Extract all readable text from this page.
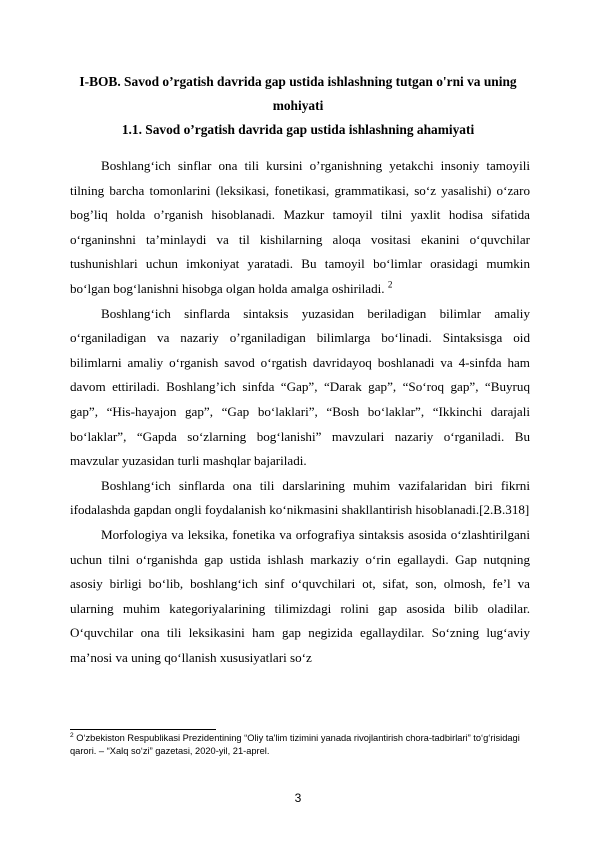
I-BOB. Savod o’rgatish davrida gap ustida ishlashning tutgan o'rni va uning mohiyati
1.1. Savod o’rgatish davrida gap ustida ishlashning ahamiyati

Boshlang‘ich sinflar ona tili kursini o’rganishning yetakchi insoniy tamoyili tilning barcha tomonlarini (leksikasi, fonetikasi, grammatikasi, so‘z yasalishi) o‘zaro bog’liq holda o’rganish hisoblanadi. Mazkur tamoyil tilni yaxlit hodisa sifatida o‘rganinshni ta’minlaydi va til kishilarning aloqa vositasi ekanini o‘quvchilar tushunishlari uchun imkoniyat yaratadi. Bu tamoyil bo‘limlar orasidagi mumkin bo‘lgan bog‘lanishni hisobga olgan holda amalga oshiriladi. $^2$

Boshlang‘ich sinflarda sintaksis yuzasidan beriladigan bilimlar amaliy o‘rganiladigan va nazariy o’rganiladigan bilimlarga bo‘linadi. Sintaksisga oid bilimlarni amaliy o‘rganish savod o‘rgatish davridayoq boshlanadi va 4-sinfda ham davom ettiriladi. Boshlang’ich sinfda “Gap”, “Darak gap”, “So‘roq gap”, “Buyruq gap”, “His-hayajon gap”, “Gap bo‘laklari”, “Bosh bo‘laklar”, “Ikkinchi darajali bo‘laklar”, “Gapda so‘zlarning bog‘lanishi” mavzulari nazariy o‘rganiladi. Bu mavzular yuzasidan turli mashqlar bajariladi.

Boshlang‘ich sinflarda ona tili darslarining muhim vazifalaridan biri fikrni ifodalashda gapdan ongli foydalanish ko‘nikmasini shakllantirish hisoblanadi.[2.B.318]

Morfologiya va leksika, fonetika va orfografiya sintaksis asosida o‘zlashtirilgani uchun tilni o‘rganishda gap ustida ishlash markaziy o‘rin egallaydi. Gap nutqning asosiy birligi bo‘lib, boshlang‘ich sinf o‘quvchilari ot, sifat, son, olmosh, fe’l va ularning muhim kategoriyalarining tilimizdagi rolini gap asosida bilib oladilar. O‘quvchilar ona tili leksikasini ham gap negizida egallaydilar. So‘zning lug‘aviy ma’nosi va uning qo‘llanish xususiyatlari so‘z

$^2$ O‘zbekiston Respublikasi Prezidentining “Oliy ta'lim tizimini yanada rivojlantirish chora-tadbirlari” to‘g‘risidagi qarori. – “Xalq so‘zi” gazetasi, 2020-yil, 21-aprel.
3
